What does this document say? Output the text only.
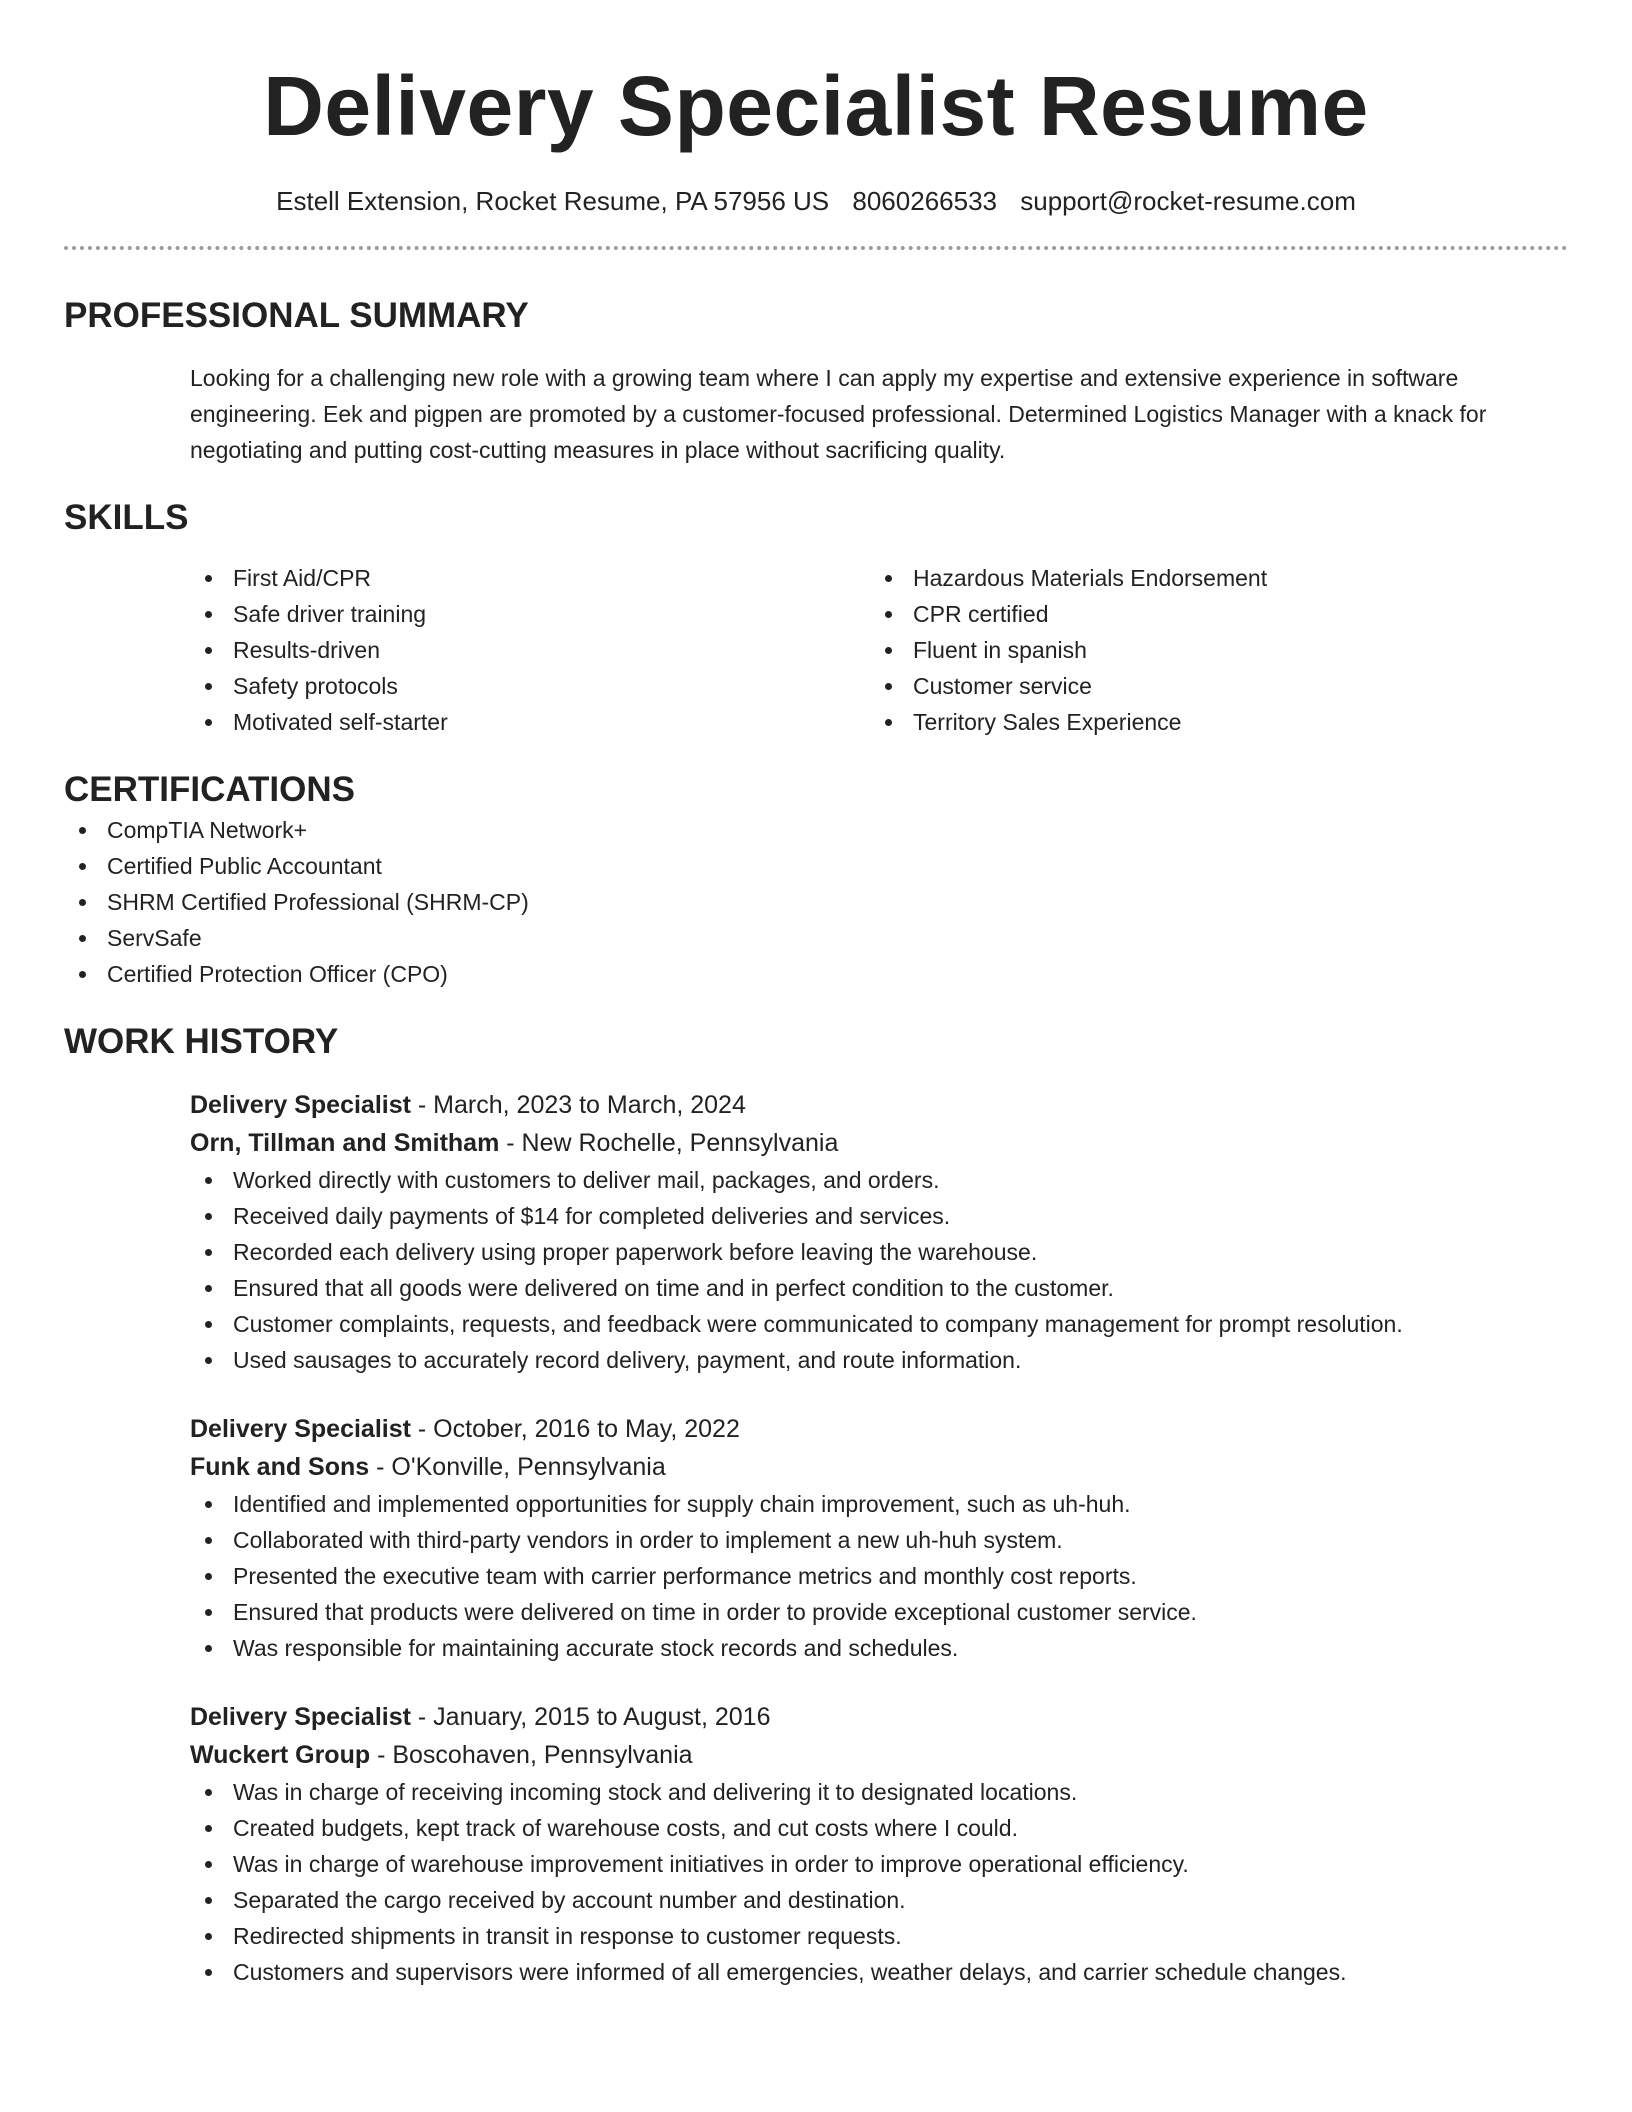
Delivery Specialist Resume
Estell Extension, Rocket Resume, PA 57956 US 8060266533 support@rocket-resume.com
PROFESSIONAL SUMMARY

Looking for a challenging new role with a growing team where I can apply my expertise and extensive experience in software engineering. Eek and pigpen are promoted by a customer-focused professional. Determined Logistics Manager with a knack for negotiating and putting cost-cutting measures in place without sacrificing quality.

SKILLS
First Aid/CPR
Safe driver training
Results-driven
Safety protocols
Motivated self-starter
Hazardous Materials Endorsement
CPR certified
Fluent in spanish
Customer service
Territory Sales Experience
CERTIFICATIONS
CompTIA Network+
Certified Public Accountant
SHRM Certified Professional (SHRM-CP)
ServSafe
Certified Protection Officer (CPO)
WORK HISTORY
Delivery Specialist - March, 2023 to March, 2024
Orn, Tillman and Smitham - New Rochelle, Pennsylvania
Worked directly with customers to deliver mail, packages, and orders.
Received daily payments of $14 for completed deliveries and services.
Recorded each delivery using proper paperwork before leaving the warehouse.
Ensured that all goods were delivered on time and in perfect condition to the customer.
Customer complaints, requests, and feedback were communicated to company management for prompt resolution.
Used sausages to accurately record delivery, payment, and route information.
Delivery Specialist - October, 2016 to May, 2022
Funk and Sons - O'Konville, Pennsylvania
Identified and implemented opportunities for supply chain improvement, such as uh-huh.
Collaborated with third-party vendors in order to implement a new uh-huh system.
Presented the executive team with carrier performance metrics and monthly cost reports.
Ensured that products were delivered on time in order to provide exceptional customer service.
Was responsible for maintaining accurate stock records and schedules.
Delivery Specialist - January, 2015 to August, 2016
Wuckert Group - Boscohaven, Pennsylvania
Was in charge of receiving incoming stock and delivering it to designated locations.
Created budgets, kept track of warehouse costs, and cut costs where I could.
Was in charge of warehouse improvement initiatives in order to improve operational efficiency.
Separated the cargo received by account number and destination.
Redirected shipments in transit in response to customer requests.
Customers and supervisors were informed of all emergencies, weather delays, and carrier schedule changes.
